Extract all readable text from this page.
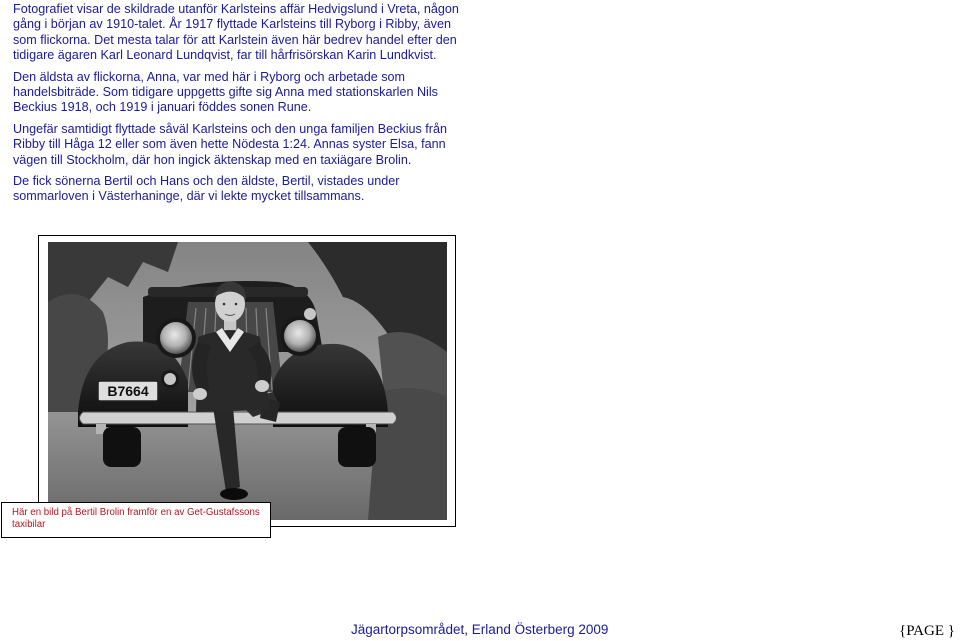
Fotografiet visar de skildrade utanför Karlsteins affär Hedvigslund i Vreta, någon gång i början av 1910-talet. År 1917 flyttade Karlsteins till Ryborg i Ribby, även som flickorna. Det mesta talar för att Karlstein även här bedrev handel efter den tidigare ägaren Karl Leonard Lundqvist, far till hårfrisörskan Karin Lundkvist.

Den äldsta av flickorna, Anna, var med här i Ryborg och arbetade som handelsbiträde. Som tidigare uppgetts gifte sig Anna med stationskarlen Nils Beckius 1918, och 1919 i januari föddes sonen Rune.

Ungefär samtidigt flyttade såväl Karlsteins och den unga familjen Beckius från Ribby till Håga 12 eller som även hette Nödesta 1:24. Annas syster Elsa, fann vägen till Stockholm, där hon ingick äktenskap med en taxiägare Brolin.

De fick sönerna Bertil och Hans och den äldste, Bertil, vistades under sommarloven i Västerhaninge, där vi lekte mycket tillsammans.

B7664
Här en bild på Bertil Brolin framför en av Get-Gustafssons taxibilar
Jägartorpsområdet, Erland Österberg 2009	{PAGE }
